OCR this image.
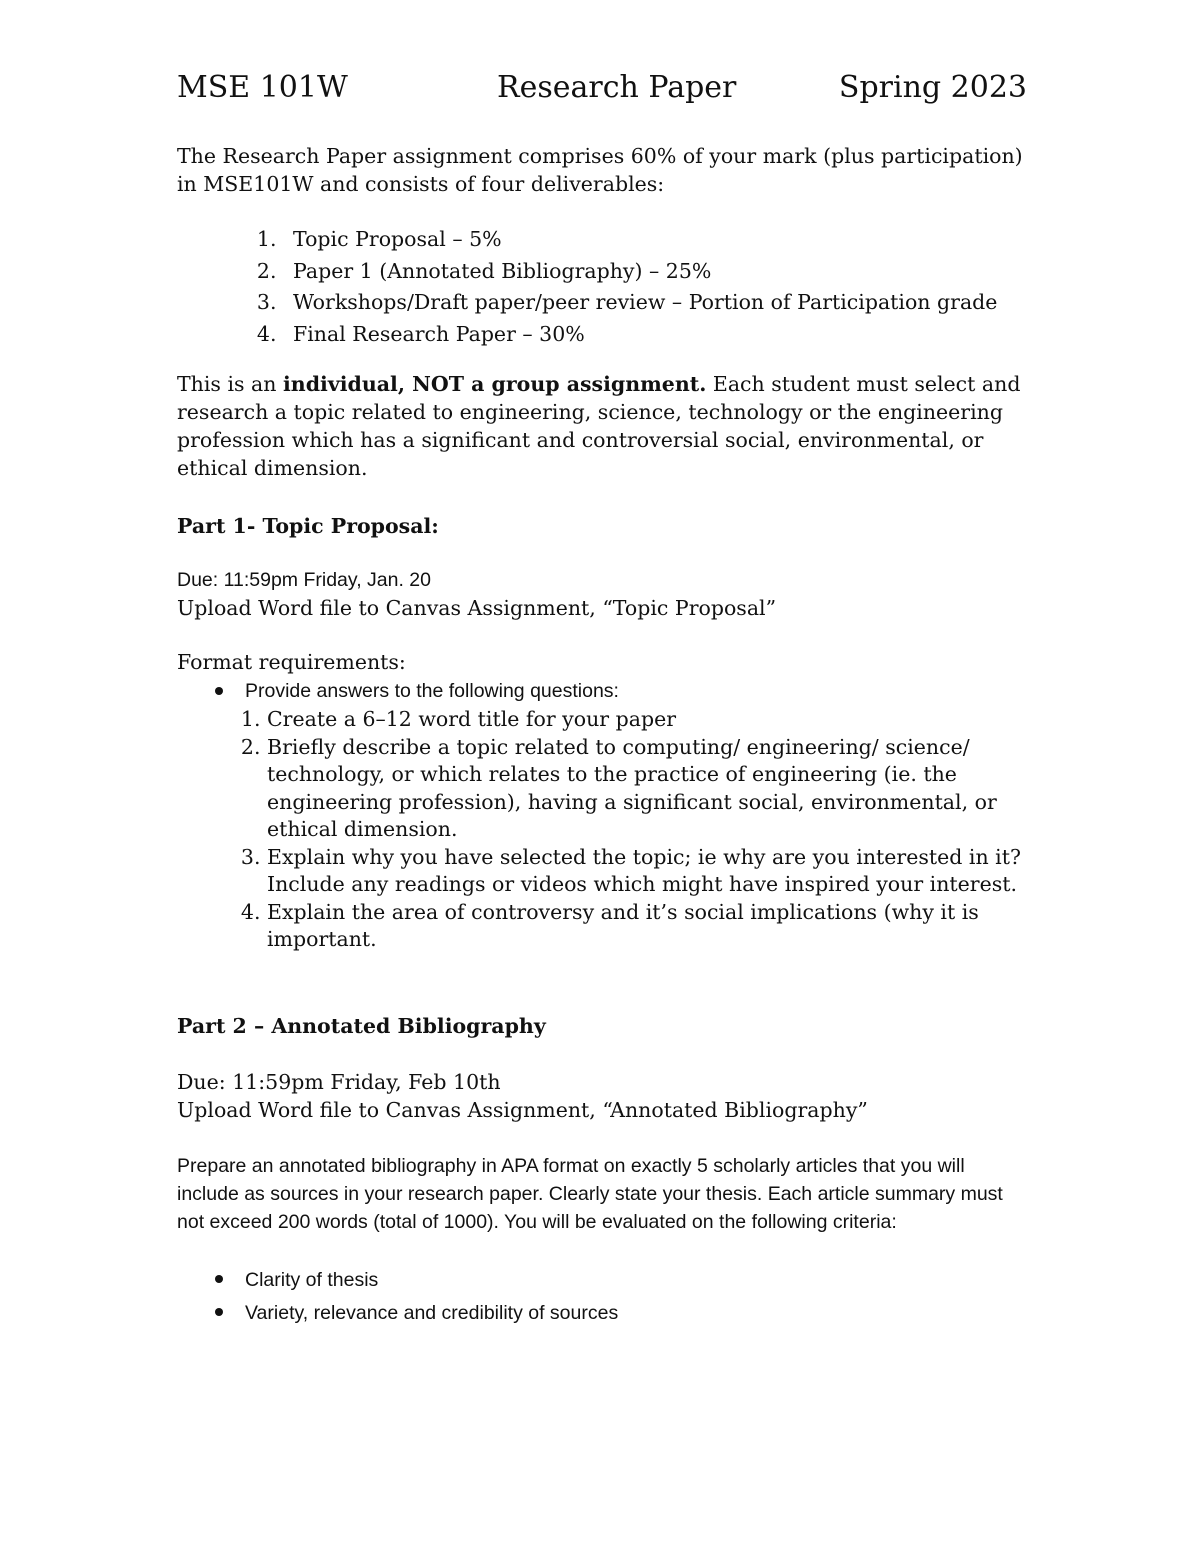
MSE 101W	Research Paper	Spring 2023

The Research Paper assignment comprises 60% of your mark (plus participation) in MSE101W and consists of four deliverables:

1. Topic Proposal – 5%
2. Paper 1 (Annotated Bibliography) – 25%
3. Workshops/Draft paper/peer review – Portion of Participation grade
4. Final Research Paper – 30%

This is an individual, NOT a group assignment. Each student must select and research a topic related to engineering, science, technology or the engineering profession which has a significant and controversial social, environmental, or ethical dimension.

Part 1- Topic Proposal:

Due: 11:59pm Friday, Jan. 20

Upload Word file to Canvas Assignment, “Topic Proposal”

Format requirements:

Provide answers to the following questions:
1. Create a 6–12 word title for your paper
2. Briefly describe a topic related to computing/ engineering/ science/ technology, or which relates to the practice of engineering (ie. the engineering profession), having a significant social, environmental, or ethical dimension.
3. Explain why you have selected the topic; ie why are you interested in it? Include any readings or videos which might have inspired your interest.
4. Explain the area of controversy and it’s social implications (why it is important.

Part 2 – Annotated Bibliography

Due: 11:59pm Friday, Feb 10th

Upload Word file to Canvas Assignment, “Annotated Bibliography”

Prepare an annotated bibliography in APA format on exactly 5 scholarly articles that you will include as sources in your research paper. Clearly state your thesis. Each article summary must not exceed 200 words (total of 1000). You will be evaluated on the following criteria:

Clarity of thesis
Variety, relevance and credibility of sources
